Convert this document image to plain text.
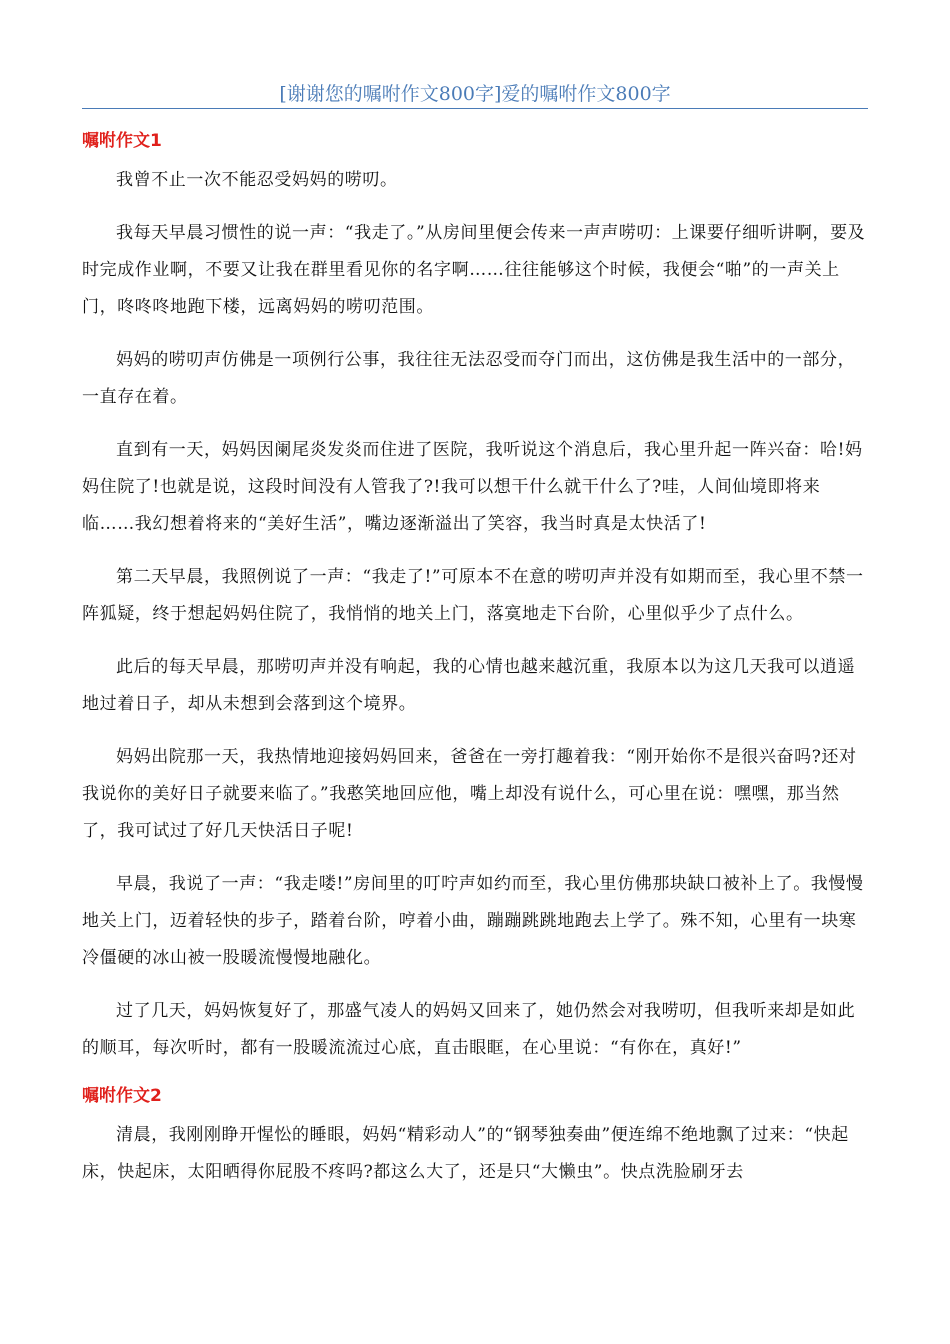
[谢谢您的嘱咐作文800字]爱的嘱咐作文800字
嘱咐作文1

我曾不止一次不能忍受妈妈的唠叨。

我每天早晨习惯性的说一声：“我走了。”从房间里便会传来一声声唠叨：上课要仔细听讲啊，要及时完成作业啊，不要又让我在群里看见你的名字啊……往往能够这个时候，我便会“啪”的一声关上门，咚咚咚地跑下楼，远离妈妈的唠叨范围。

妈妈的唠叨声仿佛是一项例行公事，我往往无法忍受而夺门而出，这仿佛是我生活中的一部分，一直存在着。

直到有一天，妈妈因阑尾炎发炎而住进了医院，我听说这个消息后，我心里升起一阵兴奋：哈!妈妈住院了!也就是说，这段时间没有人管我了?!我可以想干什么就干什么了?哇，人间仙境即将来临……我幻想着将来的“美好生活”，嘴边逐渐溢出了笑容，我当时真是太快活了!

第二天早晨，我照例说了一声：“我走了!”可原本不在意的唠叨声并没有如期而至，我心里不禁一阵狐疑，终于想起妈妈住院了，我悄悄的地关上门，落寞地走下台阶，心里似乎少了点什么。

此后的每天早晨，那唠叨声并没有响起，我的心情也越来越沉重，我原本以为这几天我可以逍遥地过着日子，却从未想到会落到这个境界。

妈妈出院那一天，我热情地迎接妈妈回来，爸爸在一旁打趣着我：“刚开始你不是很兴奋吗?还对我说你的美好日子就要来临了。”我憨笑地回应他，嘴上却没有说什么，可心里在说：嘿嘿，那当然了，我可试过了好几天快活日子呢!

早晨，我说了一声：“我走喽!”房间里的叮咛声如约而至，我心里仿佛那块缺口被补上了。我慢慢地关上门，迈着轻快的步子，踏着台阶，哼着小曲，蹦蹦跳跳地跑去上学了。殊不知，心里有一块寒冷僵硬的冰山被一股暖流慢慢地融化。

过了几天，妈妈恢复好了，那盛气凌人的妈妈又回来了，她仍然会对我唠叨，但我听来却是如此的顺耳，每次听时，都有一股暖流流过心底，直击眼眶，在心里说：“有你在，真好!”

嘱咐作文2

清晨，我刚刚睁开惺忪的睡眼，妈妈“精彩动人”的“钢琴独奏曲”便连绵不绝地飘了过来：“快起床，快起床，太阳晒得你屁股不疼吗?都这么大了，还是只“大懒虫”。快点洗脸刷牙去
